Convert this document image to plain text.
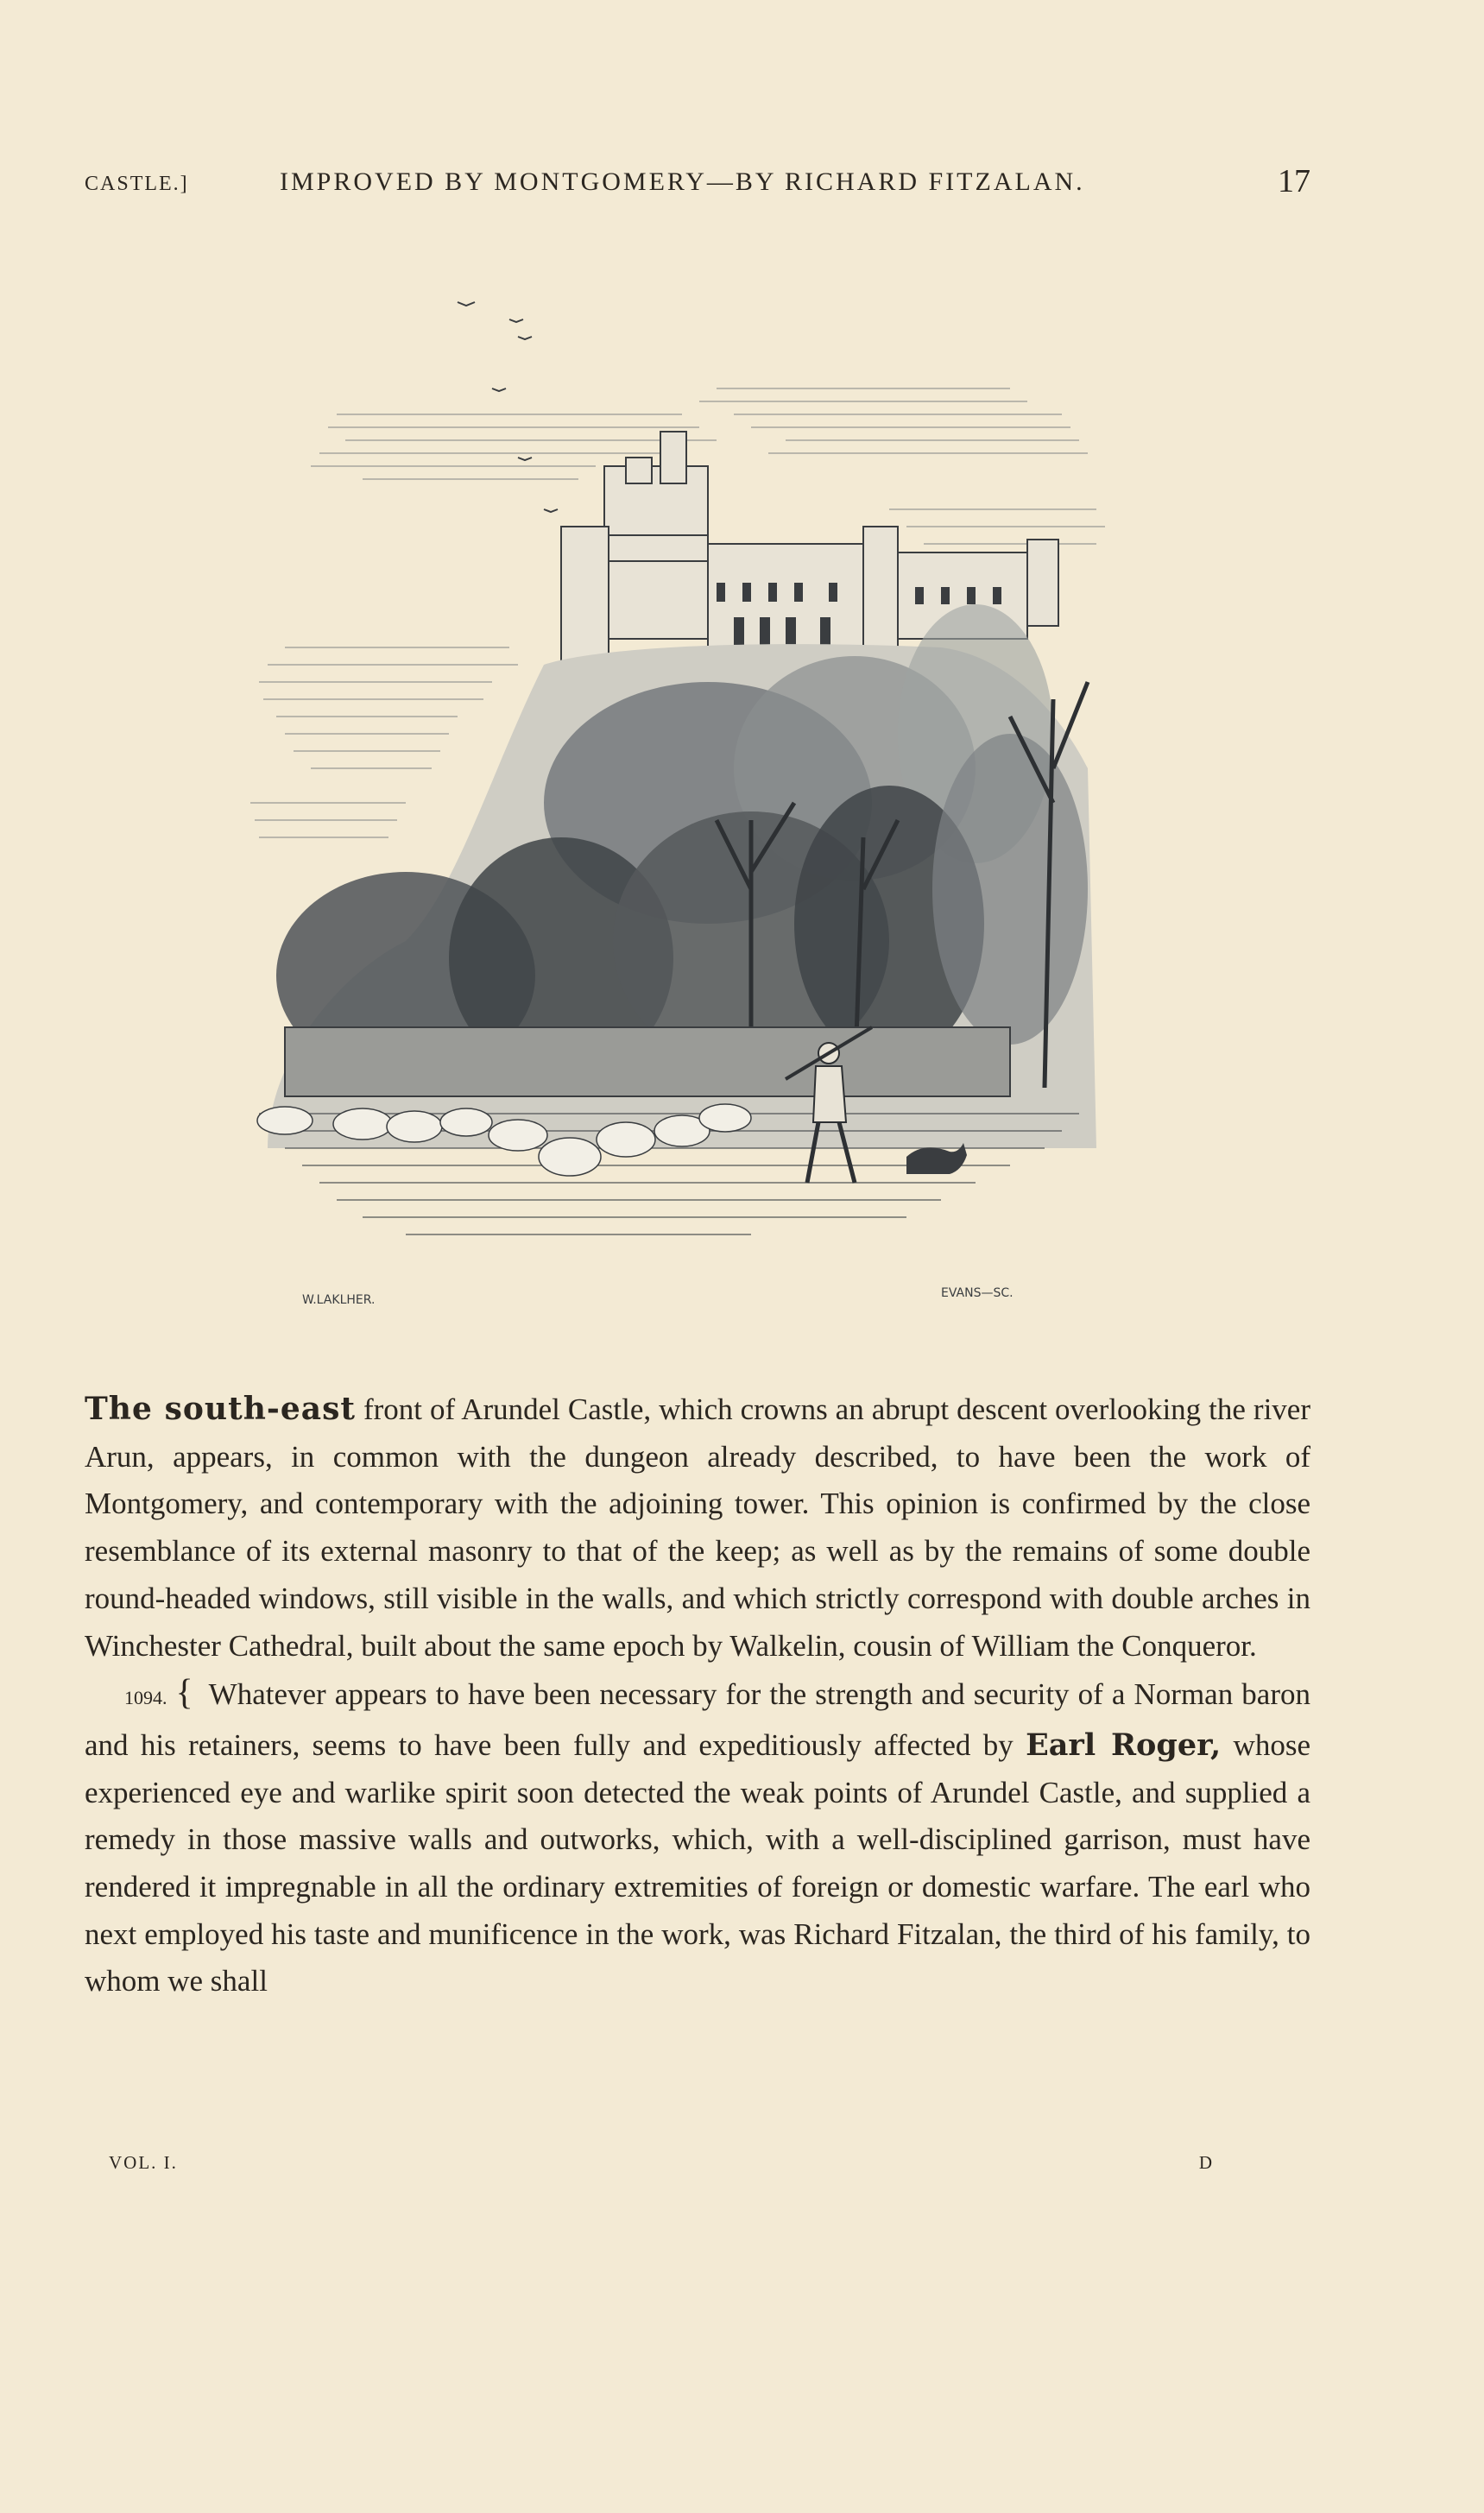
CASTLE.]	IMPROVED BY MONTGOMERY—BY RICHARD FITZALAN.	17
W.LAKLHER.	EVANS—SC.

The south-east front of Arundel Castle, which crowns an abrupt descent overlooking the river Arun, appears, in common with the dungeon already described, to have been the work of Montgomery, and contemporary with the adjoining tower. This opinion is confirmed by the close resemblance of its external masonry to that of the keep; as well as by the remains of some double round-headed windows, still visible in the walls, and which strictly correspond with double arches in Winchester Cathedral, built about the same epoch by Walkelin, cousin of William the Conqueror.

1094. { Whatever appears to have been necessary for the strength and security of a Norman baron and his retainers, seems to have been fully and expeditiously affected by Earl Roger, whose experienced eye and warlike spirit soon detected the weak points of Arundel Castle, and supplied a remedy in those massive walls and outworks, which, with a well-disciplined garrison, must have rendered it impregnable in all the ordinary extremities of foreign or domestic warfare. The earl who next employed his taste and munificence in the work, was Richard Fitzalan, the third of his family, to whom we shall

VOL. I.	D
